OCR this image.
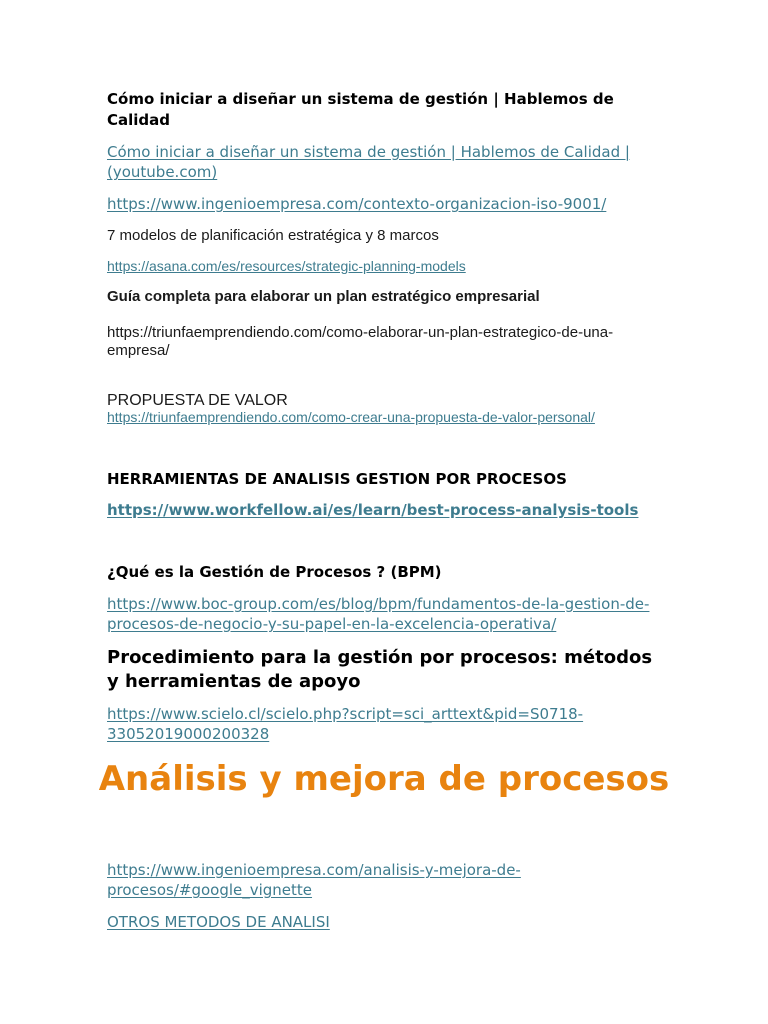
Cómo iniciar a diseñar un sistema de gestión | Hablemos de Calidad

Cómo iniciar a diseñar un sistema de gestión | Hablemos de Calidad | (youtube.com)
https://www.ingenioempresa.com/contexto-organizacion-iso-9001/

7 modelos de planificación estratégica y 8 marcos

https://asana.com/es/resources/strategic-planning-models

Guía completa para elaborar un plan estratégico empresarial

https://triunfaemprendiendo.com/como-elaborar-un-plan-estrategico-de-una-empresa/

PROPUESTA DE VALOR

https://triunfaemprendiendo.com/como-crear-una-propuesta-de-valor-personal/

HERRAMIENTAS DE ANALISIS GESTION POR PROCESOS

https://www.workfellow.ai/es/learn/best-process-analysis-tools

¿Qué es la Gestión de Procesos ? (BPM)

https://www.boc-group.com/es/blog/bpm/fundamentos-de-la-gestion-de-procesos-de-negocio-y-su-papel-en-la-excelencia-operativa/

Procedimiento para la gestión por procesos: métodos y herramientas de apoyo

https://www.scielo.cl/scielo.php?script=sci_arttext&pid=S0718-33052019000200328
https://www.ingenioempresa.com/analisis-y-mejora-de-procesos/#google_vignette
OTROS METODOS DE ANALISI

Análisis y mejora de procesos
